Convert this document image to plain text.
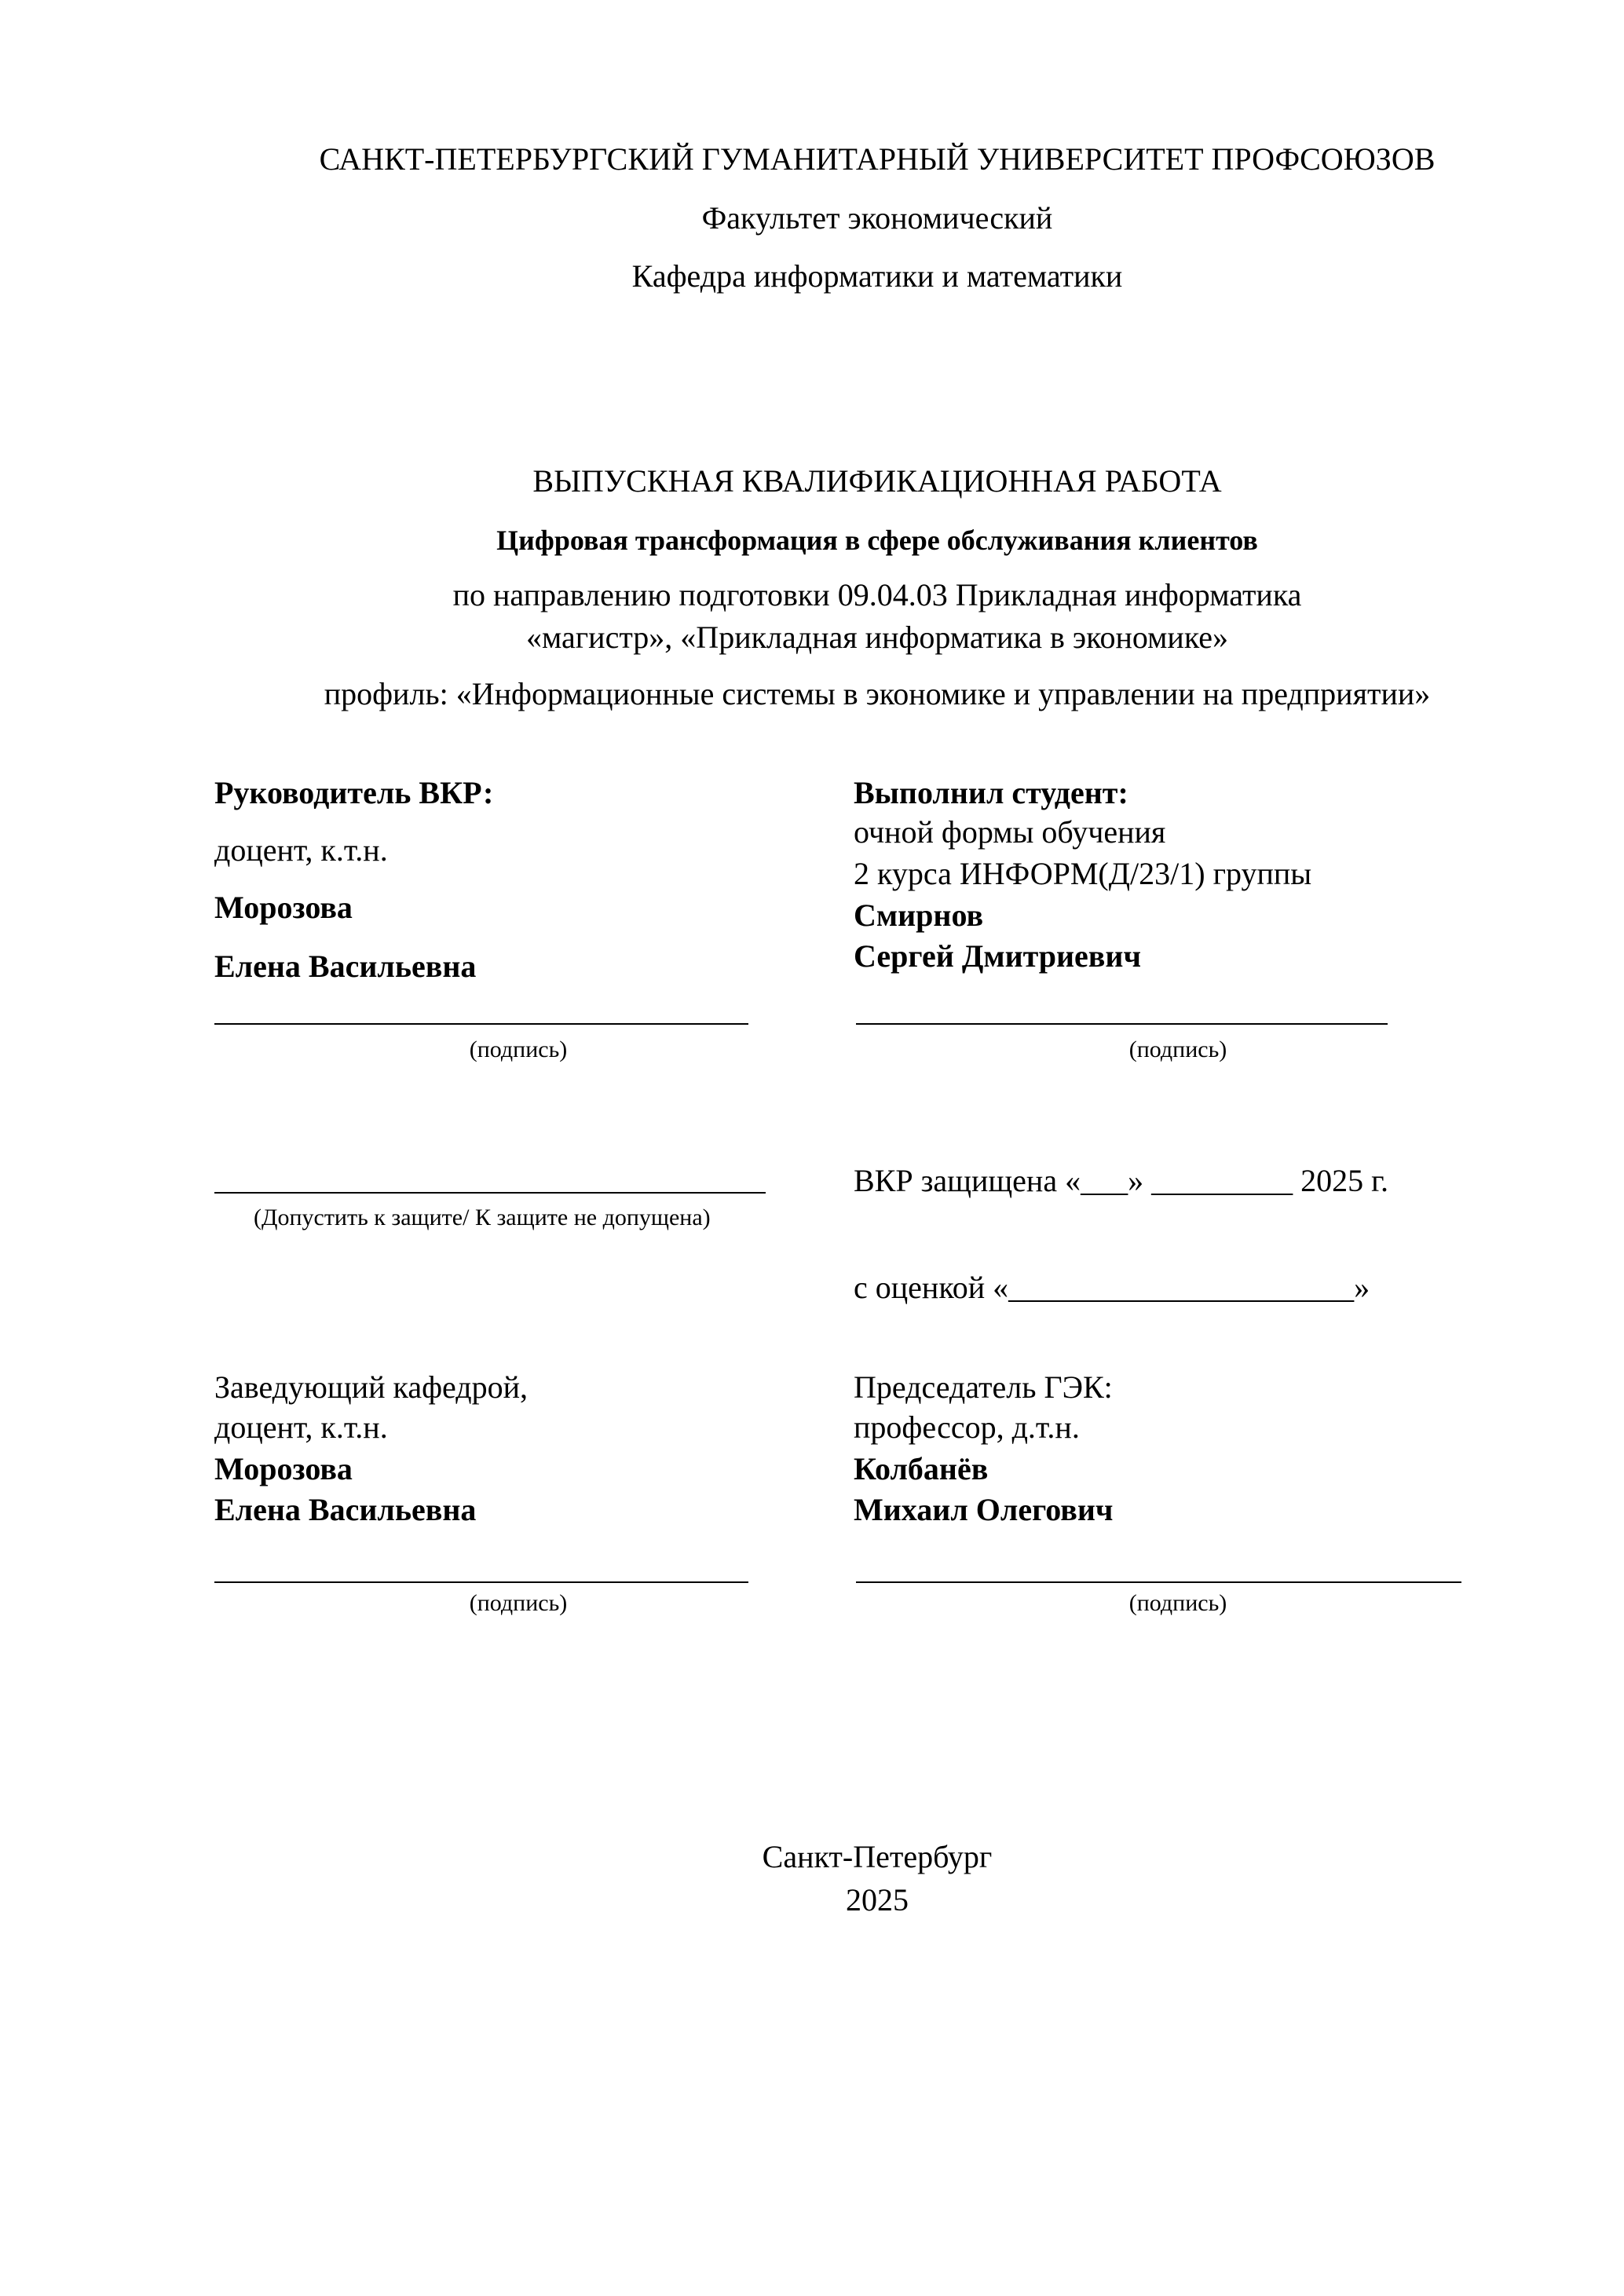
САНКТ-ПЕТЕРБУРГСКИЙ ГУМАНИТАРНЫЙ УНИВЕРСИТЕТ ПРОФСОЮЗОВ
Факультет экономический
Кафедра информатики и математики
ВЫПУСКНАЯ КВАЛИФИКАЦИОННАЯ РАБОТА
Цифровая трансформация в сфере обслуживания клиентов
по направлению подготовки 09.04.03 Прикладная информатика
«магистр», «Прикладная информатика в экономике»
профиль: «Информационные системы в экономике и управлении на предприятии»
Руководитель ВКР:
доцент, к.т.н.
Морозова
Елена Васильевна
(подпись)
Выполнил студент:
очной формы обучения
2 курса ИНФОРМ(Д/23/1) группы
Смирнов
Сергей Дмитриевич
(подпись)
(Допустить к защите/ К защите не допущена)
ВКР защищена «___» _________ 2025 г.
с оценкой «______________________»
Заведующий кафедрой,
доцент, к.т.н.
Морозова
Елена Васильевна
(подпись)
Председатель ГЭК:
профессор, д.т.н.
Колбанёв
Михаил Олегович
(подпись)
Санкт-Петербург
2025
